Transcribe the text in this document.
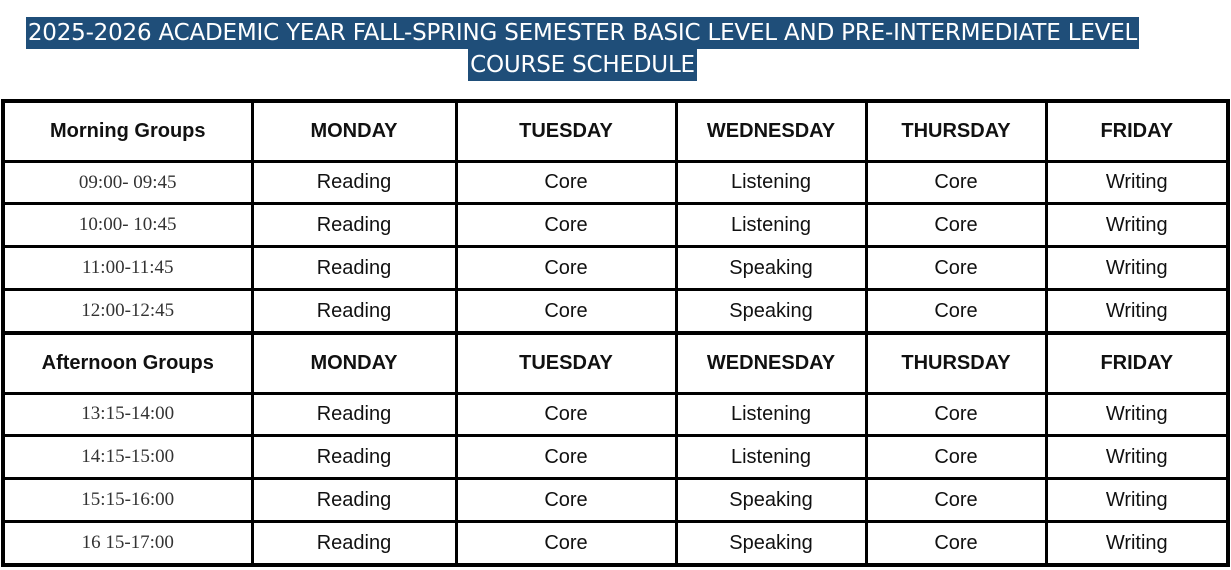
2025-2026 ACADEMIC YEAR FALL-SPRING SEMESTER BASIC LEVEL AND PRE-INTERMEDIATE LEVEL
COURSE SCHEDULE
Morning Groups	MONDAY	TUESDAY	WEDNESDAY	THURSDAY	FRIDAY
09:00- 09:45	Reading	Core	Listening	Core	Writing
10:00- 10:45	Reading	Core	Listening	Core	Writing
11:00-11:45	Reading	Core	Speaking	Core	Writing
12:00-12:45	Reading	Core	Speaking	Core	Writing
Afternoon Groups	MONDAY	TUESDAY	WEDNESDAY	THURSDAY	FRIDAY
13:15-14:00	Reading	Core	Listening	Core	Writing
14:15-15:00	Reading	Core	Listening	Core	Writing
15:15-16:00	Reading	Core	Speaking	Core	Writing
16 15-17:00	Reading	Core	Speaking	Core	Writing
